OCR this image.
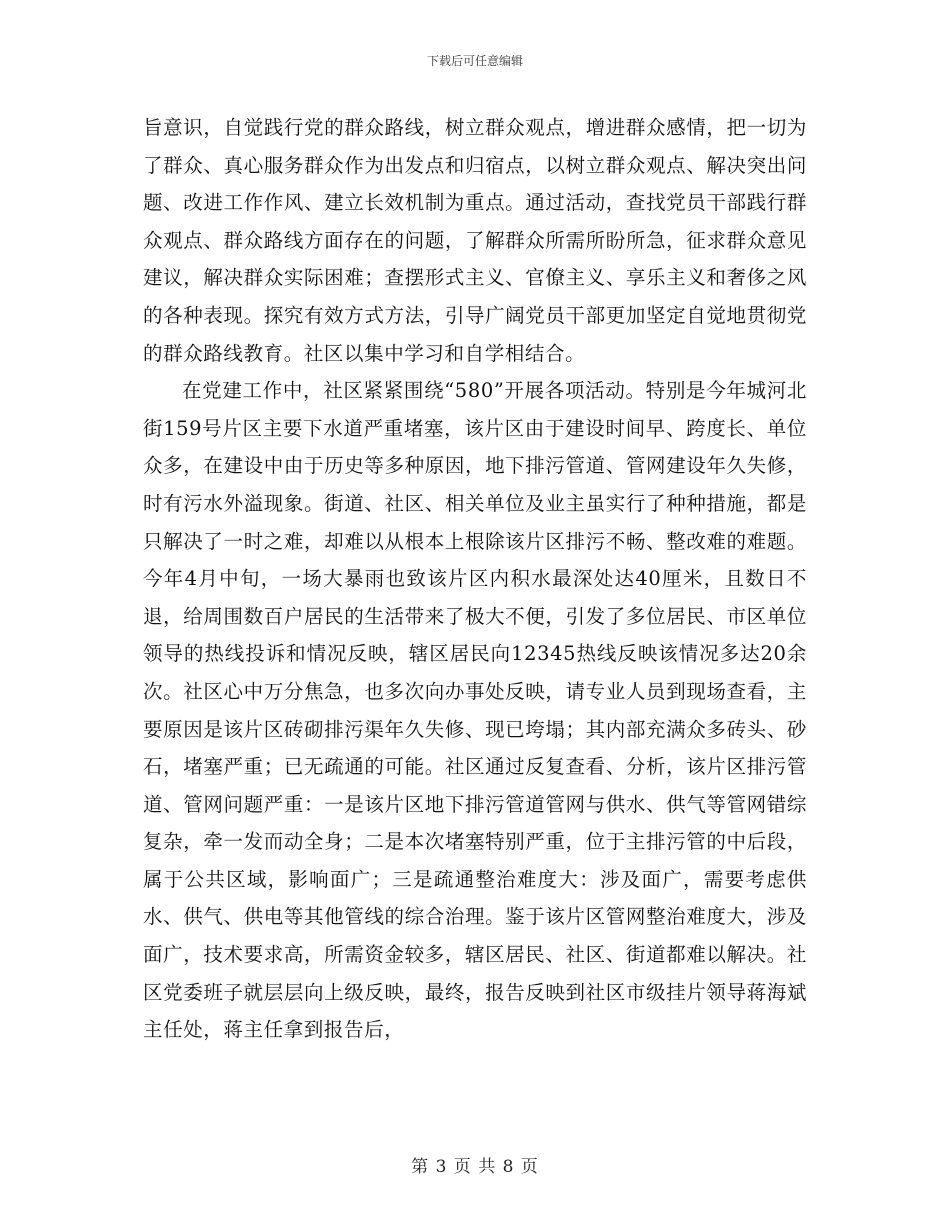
下载后可任意编辑

旨意识，自觉践行党的群众路线，树立群众观点，增进群众感情，把一切为了群众、真心服务群众作为出发点和归宿点，以树立群众观点、解决突出问题、改进工作作风、建立长效机制为重点。通过活动，查找党员干部践行群众观点、群众路线方面存在的问题，了解群众所需所盼所急，征求群众意见建议，解决群众实际困难；查摆形式主义、官僚主义、享乐主义和奢侈之风的各种表现。探究有效方式方法，引导广阔党员干部更加坚定自觉地贯彻党的群众路线教育。社区以集中学习和自学相结合。

在党建工作中，社区紧紧围绕“580”开展各项活动。特别是今年城河北街159号片区主要下水道严重堵塞，该片区由于建设时间早、跨度长、单位众多，在建设中由于历史等多种原因，地下排污管道、管网建设年久失修，时有污水外溢现象。街道、社区、相关单位及业主虽实行了种种措施，都是只解决了一时之难，却难以从根本上根除该片区排污不畅、整改难的难题。今年4月中旬，一场大暴雨也致该片区内积水最深处达40厘米，且数日不退，给周围数百户居民的生活带来了极大不便，引发了多位居民、市区单位领导的热线投诉和情况反映，辖区居民向12345热线反映该情况多达20余次。社区心中万分焦急，也多次向办事处反映，请专业人员到现场查看，主要原因是该片区砖砌排污渠年久失修、现已垮塌；其内部充满众多砖头、砂石，堵塞严重；已无疏通的可能。社区通过反复查看、分析，该片区排污管道、管网问题严重：一是该片区地下排污管道管网与供水、供气等管网错综复杂，牵一发而动全身；二是本次堵塞特别严重，位于主排污管的中后段，属于公共区域，影响面广；三是疏通整治难度大：涉及面广，需要考虑供水、供气、供电等其他管线的综合治理。鉴于该片区管网整治难度大，涉及面广，技术要求高，所需资金较多，辖区居民、社区、街道都难以解决。社区党委班子就层层向上级反映，最终，报告反映到社区市级挂片领导蒋海斌主任处，蒋主任拿到报告后，

第 3 页 共 8 页
